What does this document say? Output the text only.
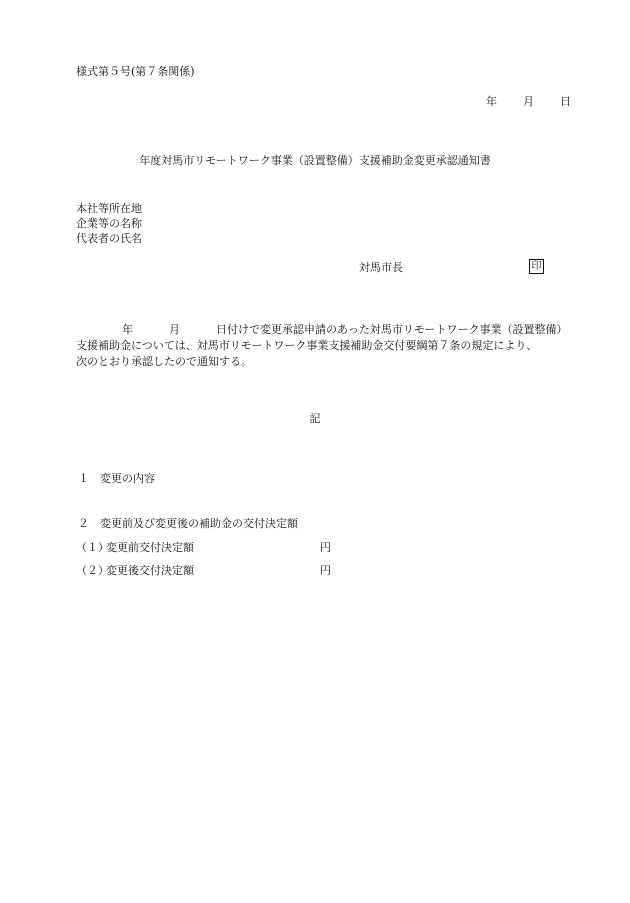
様式第５号(第７条関係)
年 月 日
年度対馬市リモートワーク事業（設置整備）支援補助金変更承認通知書
本社等所在地
企業等の名称
代表者の氏名
対馬市長	印
年	月	日付けで変更承認申請のあった対馬市リモートワーク事業（設置整備）
支援補助金については、対馬市リモートワーク事業支援補助金交付要綱第７条の規定により、
次のとおり承認したので通知する。
記
１ 変更の内容
２ 変更前及び変更後の補助金の交付決定額
（１）変更前交付決定額	円
（２）変更後交付決定額	円
